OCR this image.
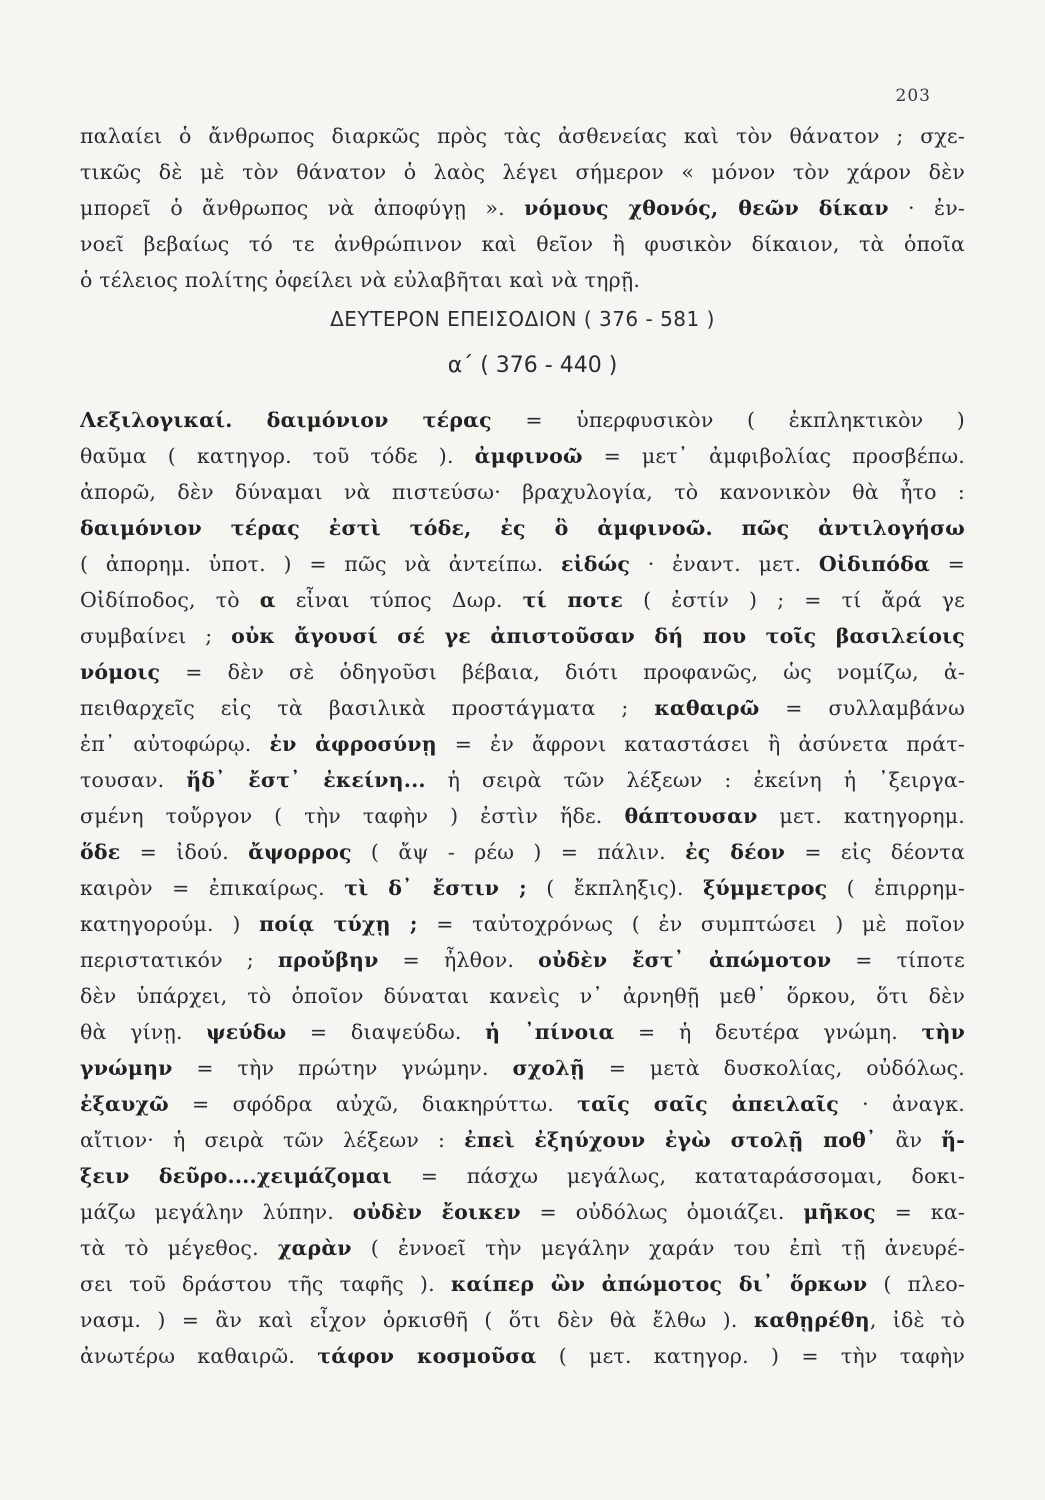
203
παλαίει ὁ ἄνθρωπος διαρκῶς πρὸς τὰς ἀσθενείας καὶ τὸν θάνατον ; σχε-
τικῶς δὲ μὲ τὸν θάνατον ὁ λαὸς λέγει σήμερον « μόνον τὸν χάρον δὲν
μπορεῖ ὁ ἄνθρωπος νὰ ἀποφύγῃ ». νόμους χθονός, θεῶν δίκαν · ἐν-
νοεῖ βεβαίως τό τε ἀνθρώπινον καὶ θεῖον ἢ φυσικὸν δίκαιον, τὰ ὁποῖα
ὁ τέλειος πολίτης ὀφείλει νὰ εὐλαβῆται καὶ νὰ τηρῇ.
ΔΕΥΤΕΡΟΝ ΕΠΕΙΣΟΔΙΟΝ ( 376 - 581 )
α΄ ( 376 - 440 )
Λεξιλογικαί. δαιμόνιον τέρας = ὑπερφυσικὸν ( ἐκπληκτικὸν )
θαῦμα ( κατηγορ. τοῦ τόδε ). ἀμφινοῶ = μετ᾽ ἀμφιβολίας προσβέπω.
ἀπορῶ, δὲν δύναμαι νὰ πιστεύσω· βραχυλογία, τὸ κανονικὸν θὰ ἦτο :
δαιμόνιον τέρας ἐστὶ τόδε, ἐς ὃ ἀμφινοῶ. πῶς ἀντιλογήσω
( ἀπορημ. ὑποτ. ) = πῶς νὰ ἀντείπω. εἰδώς · ἐναντ. μετ. Οἰδιπόδα =
Οἰδίποδος, τὸ α εἶναι τύπος Δωρ. τί ποτε ( ἐστίν ) ; = τί ἄρά γε
συμβαίνει ; οὐκ ἄγουσί σέ γε ἀπιστοῦσαν δή που τοῖς βασιλείοις
νόμοις = δὲν σὲ ὁδηγοῦσι βέβαια, διότι προφανῶς, ὡς νομίζω, ἀ-
πειθαρχεῖς εἰς τὰ βασιλικὰ προστάγματα ; καθαιρῶ = συλλαμβάνω
ἐπ᾽ αὐτοφώρῳ. ἐν ἀφροσύνῃ = ἐν ἄφρονι καταστάσει ἢ ἀσύνετα πράτ-
τουσαν. ἥδ᾽ ἔστ᾽ ἐκείνη... ἡ σειρὰ τῶν λέξεων : ἐκείνη ἡ ᾽ξειργα-
σμένη τοὔργον ( τὴν ταφὴν ) ἐστὶν ἥδε. θάπτουσαν μετ. κατηγορημ.
ὅδε = ἰδού. ἄψορρος ( ἄψ - ρέω ) = πάλιν. ἐς δέον = εἰς δέοντα
καιρὸν = ἐπικαίρως. τὶ δ᾽ ἔστιν ; ( ἔκπληξις). ξύμμετρος ( ἐπιρρημ-
κατηγορούμ. ) ποίᾳ τύχῃ ; = ταὐτοχρόνως ( ἐν συμπτώσει ) μὲ ποῖον
περιστατικόν ; προὔβην = ἦλθον. οὐδὲν ἔστ᾽ ἀπώμοτον = τίποτε
δὲν ὑπάρχει, τὸ ὁποῖον δύναται κανεὶς ν᾽ ἀρνηθῇ μεθ᾽ ὅρκου, ὅτι δὲν
θὰ γίνῃ. ψεύδω = διαψεύδω. ἡ ᾽πίνοια = ἡ δευτέρα γνώμη. τὴν
γνώμην = τὴν πρώτην γνώμην. σχολῇ = μετὰ δυσκολίας, οὐδόλως.
ἐξαυχῶ = σφόδρα αὐχῶ, διακηρύττω. ταῖς σαῖς ἀπειλαῖς · ἀναγκ.
αἴτιον· ἡ σειρὰ τῶν λέξεων : ἐπεὶ ἐξηύχουν ἐγὼ στολῇ ποθ᾽ ἂν ἥ-
ξειν δεῦρο....χειμάζομαι = πάσχω μεγάλως, καταταράσσομαι, δοκι-
μάζω μεγάλην λύπην. οὐδὲν ἔοικεν = οὐδόλως ὁμοιάζει. μῆκος = κα-
τὰ τὸ μέγεθος. χαρὰν ( ἐννοεῖ τὴν μεγάλην χαράν του ἐπὶ τῇ ἀνευρέ-
σει τοῦ δράστου τῆς ταφῆς ). καίπερ ὢν ἀπώμοτος δι᾽ ὅρκων ( πλεο-
νασμ. ) = ἂν καὶ εἶχον ὁρκισθῆ ( ὅτι δὲν θὰ ἔλθω ). καθῃρέθη, ἰδὲ τὸ
ἀνωτέρω καθαιρῶ. τάφον κοσμοῦσα ( μετ. κατηγορ. ) = τὴν ταφὴν
